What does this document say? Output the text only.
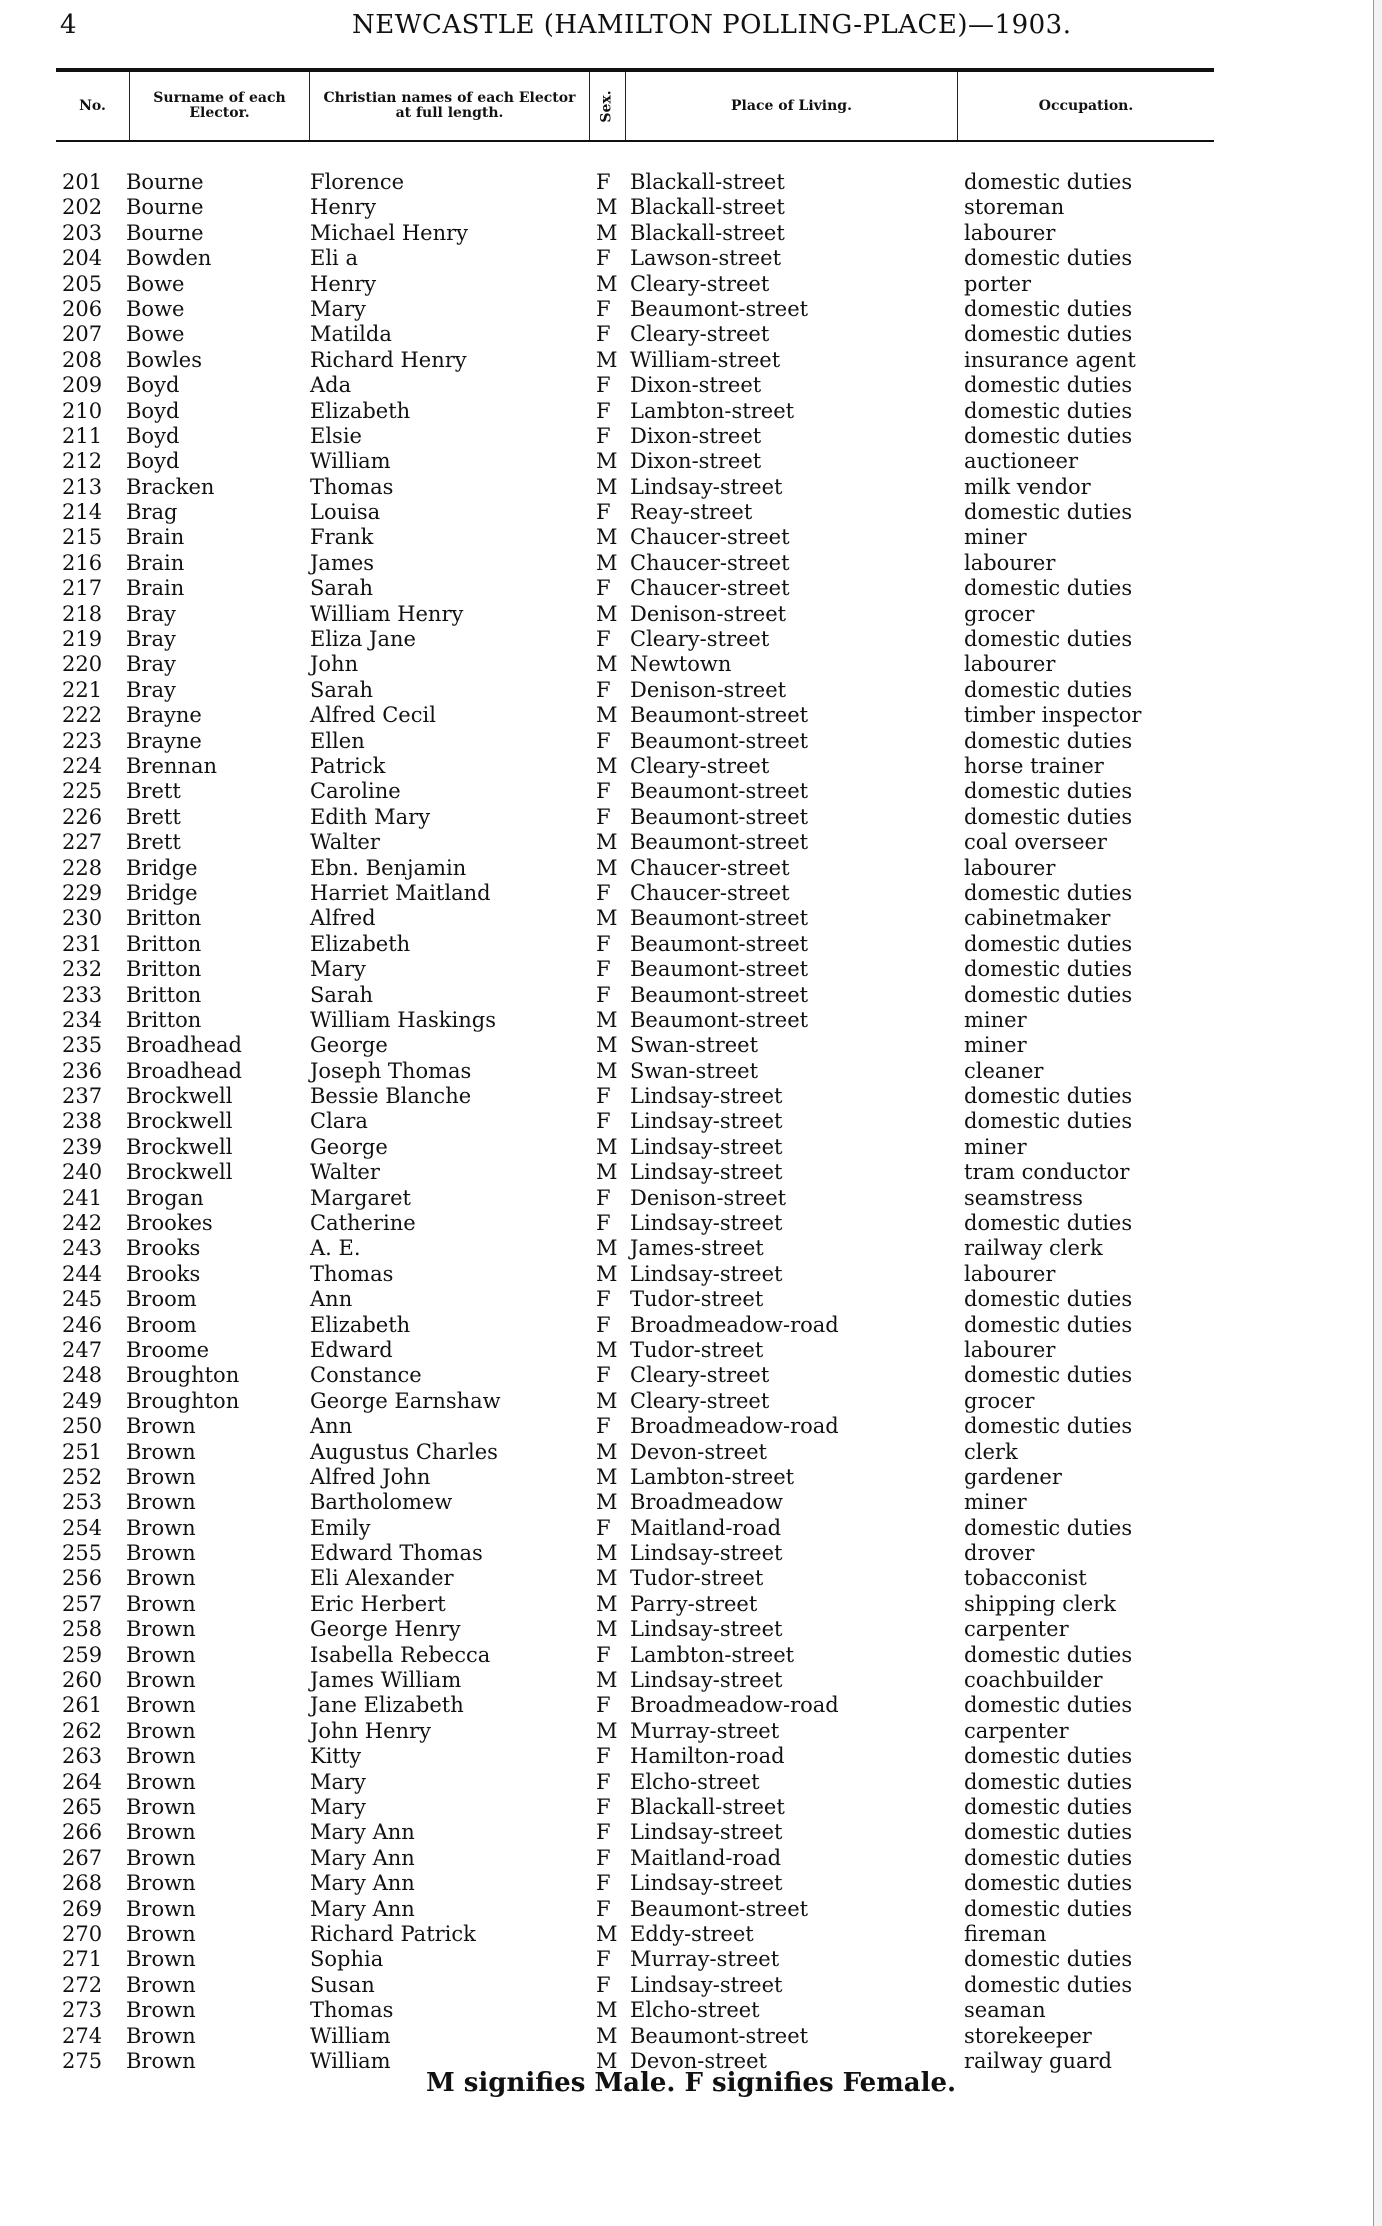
4	NEWCASTLE (HAMILTON POLLING-PLACE)—1903.
No.	Surname of each Elector.
Christian names of each Elector at full length.	Sex.	Place of Living.	Occupation.
201 Bourne	Florence	F Blackall-street	domestic duties
202 Bourne	Henry	M Blackall-street	storeman
203 Bourne	Michael Henry	M Blackall-street	labourer
204 Bowden	Eli a	F Lawson-street	domestic duties
205 Bowe	Henry	M Cleary-street	porter
206 Bowe	Mary	F Beaumont-street	domestic duties
207 Bowe	Matilda	F Cleary-street	domestic duties
208 Bowles	Richard Henry	M William-street	insurance agent
209 Boyd	Ada	F Dixon-street	domestic duties
210 Boyd	Elizabeth	F Lambton-street	domestic duties
211 Boyd	Elsie	F Dixon-street	domestic duties
212 Boyd	William	M Dixon-street	auctioneer
213 Bracken	Thomas	M Lindsay-street	milk vendor
214 Brag	Louisa	F Reay-street	domestic duties
215 Brain	Frank	M Chaucer-street	miner
216 Brain	James	M Chaucer-street	labourer
217 Brain	Sarah	F Chaucer-street	domestic duties
218 Bray	William Henry	M Denison-street	grocer
219 Bray	Eliza Jane	F Cleary-street	domestic duties
220 Bray	John	M Newtown	labourer
221 Bray	Sarah	F Denison-street	domestic duties
222 Brayne	Alfred Cecil	M Beaumont-street	timber inspector
223 Brayne	Ellen	F Beaumont-street	domestic duties
224 Brennan	Patrick	M Cleary-street	horse trainer
225 Brett	Caroline	F Beaumont-street	domestic duties
226 Brett	Edith Mary	F Beaumont-street	domestic duties
227 Brett	Walter	M Beaumont-street	coal overseer
228 Bridge	Ebn. Benjamin	M Chaucer-street	labourer
229 Bridge	Harriet Maitland	F Chaucer-street	domestic duties
230 Britton	Alfred	M Beaumont-street	cabinetmaker
231 Britton	Elizabeth	F Beaumont-street	domestic duties
232 Britton	Mary	F Beaumont-street	domestic duties
233 Britton	Sarah	F Beaumont-street	domestic duties
234 Britton	William Haskings	M Beaumont-street	miner
235 Broadhead	George	M Swan-street	miner
236 Broadhead	Joseph Thomas	M Swan-street	cleaner
237 Brockwell	Bessie Blanche	F Lindsay-street	domestic duties
238 Brockwell	Clara	F Lindsay-street	domestic duties
239 Brockwell	George	M Lindsay-street	miner
240 Brockwell	Walter	M Lindsay-street	tram conductor
241 Brogan	Margaret	F Denison-street	seamstress
242 Brookes	Catherine	F Lindsay-street	domestic duties
243 Brooks	A. E.	M James-street	railway clerk
244 Brooks	Thomas	M Lindsay-street	labourer
245 Broom	Ann	F Tudor-street	domestic duties
246 Broom	Elizabeth	F Broadmeadow-road	domestic duties
247 Broome	Edward	M Tudor-street	labourer
248 Broughton	Constance	F Cleary-street	domestic duties
249 Broughton	George Earnshaw	M Cleary-street	grocer
250 Brown	Ann	F Broadmeadow-road	domestic duties
251 Brown	Augustus Charles	M Devon-street	clerk
252 Brown	Alfred John	M Lambton-street	gardener
253 Brown	Bartholomew	M Broadmeadow	miner
254 Brown	Emily	F Maitland-road	domestic duties
255 Brown	Edward Thomas	M Lindsay-street	drover
256 Brown	Eli Alexander	M Tudor-street	tobacconist
257 Brown	Eric Herbert	M Parry-street	shipping clerk
258 Brown	George Henry	M Lindsay-street	carpenter
259 Brown	Isabella Rebecca	F Lambton-street	domestic duties
260 Brown	James William	M Lindsay-street	coachbuilder
261 Brown	Jane Elizabeth	F Broadmeadow-road	domestic duties
262 Brown	John Henry	M Murray-street	carpenter
263 Brown	Kitty	F Hamilton-road	domestic duties
264 Brown	Mary	F Elcho-street	domestic duties
265 Brown	Mary	F Blackall-street	domestic duties
266 Brown	Mary Ann	F Lindsay-street	domestic duties
267 Brown	Mary Ann	F Maitland-road	domestic duties
268 Brown	Mary Ann	F Lindsay-street	domestic duties
269 Brown	Mary Ann	F Beaumont-street	domestic duties
270 Brown	Richard Patrick	M Eddy-street	fireman
271 Brown	Sophia	F Murray-street	domestic duties
272 Brown	Susan	F Lindsay-street	domestic duties
273 Brown	Thomas	M Elcho-street	seaman
274 Brown	William	M Beaumont-street	storekeeper
275 Brown	William	M Devon-street	railway guard
M signifies Male. F signifies Female.
